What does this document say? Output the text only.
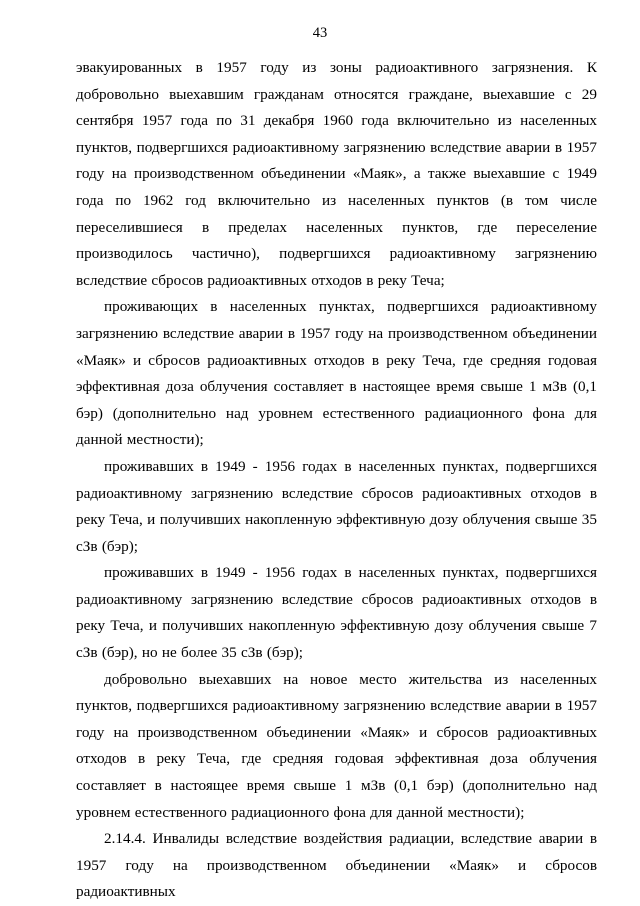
43

эвакуированных в 1957 году из зоны радиоактивного загрязнения. К добровольно выехавшим гражданам относятся граждане, выехавшие с 29 сентября 1957 года по 31 декабря 1960 года включительно из населенных пунктов, подвергшихся радиоактивному загрязнению вследствие аварии в 1957 году на производственном объединении «Маяк», а также выехавшие с 1949 года по 1962 год включительно из населенных пунктов (в том числе переселившиеся в пределах населенных пунктов, где переселение производилось частично), подвергшихся радиоактивному загрязнению вследствие сбросов радиоактивных отходов в реку Теча;

проживающих в населенных пунктах, подвергшихся радиоактивному загрязнению вследствие аварии в 1957 году на производственном объединении «Маяк» и сбросов радиоактивных отходов в реку Теча, где средняя годовая эффективная доза облучения составляет в настоящее время свыше 1 мЗв (0,1 бэр) (дополнительно над уровнем естественного радиационного фона для данной местности);

проживавших в 1949 - 1956 годах в населенных пунктах, подвергшихся радиоактивному загрязнению вследствие сбросов радиоактивных отходов в реку Теча, и получивших накопленную эффективную дозу облучения свыше 35 сЗв (бэр);

проживавших в 1949 - 1956 годах в населенных пунктах, подвергшихся радиоактивному загрязнению вследствие сбросов радиоактивных отходов в реку Теча, и получивших накопленную эффективную дозу облучения свыше 7 сЗв (бэр), но не более 35 сЗв (бэр);

добровольно выехавших на новое место жительства из населенных пунктов, подвергшихся радиоактивному загрязнению вследствие аварии в 1957 году на производственном объединении «Маяк» и сбросов радиоактивных отходов в реку Теча, где средняя годовая эффективная доза облучения составляет в настоящее время свыше 1 мЗв (0,1 бэр) (дополнительно над уровнем естественного радиационного фона для данной местности);

2.14.4. Инвалиды вследствие воздействия радиации, вследствие аварии в 1957 году на производственном объединении «Маяк» и сбросов радиоактивных
